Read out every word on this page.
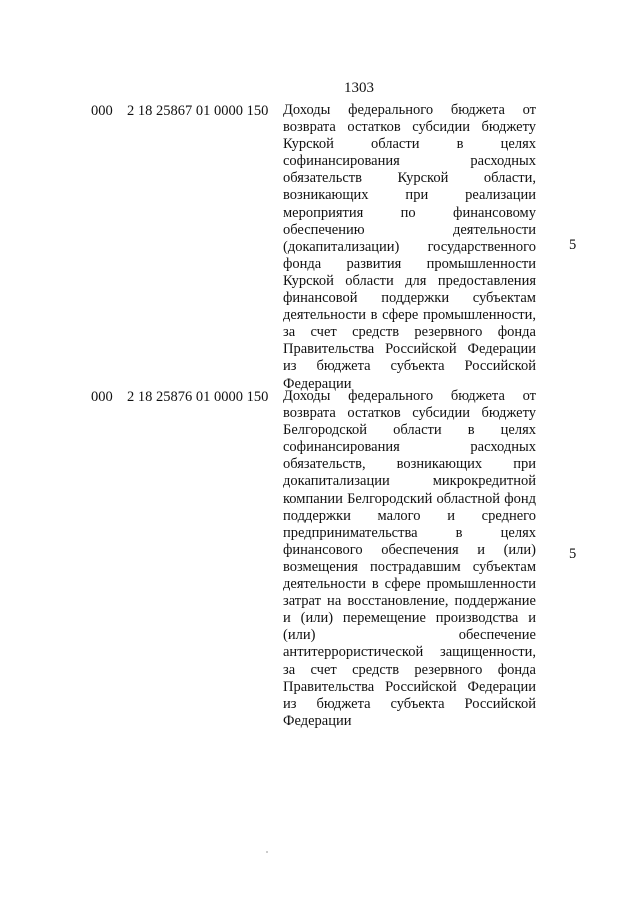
1303
000 2 18 25867 01 0000 150 Доходы федерального бюджета от
возврата остатков субсидии бюджету
Курской области в целях
софинансирования расходных
обязательств Курской области,
возникающих при реализации
мероприятия по финансовому
обеспечению деятельности
(докапитализации) государственного
фонда развития промышленности
Курской области для предоставления
финансовой поддержки субъектам
деятельности в сфере промышленности,
за счет средств резервного фонда
Правительства Российской Федерации
из бюджета субъекта Российской
Федерации
5
000 2 18 25876 01 0000 150 Доходы федерального бюджета от
возврата остатков субсидии бюджету
Белгородской области в целях
софинансирования расходных
обязательств, возникающих при
докапитализации микрокредитной
компании Белгородский областной фонд
поддержки малого и среднего
предпринимательства в целях
финансового обеспечения и (или)
возмещения пострадавшим субъектам
деятельности в сфере промышленности
затрат на восстановление, поддержание
и (или) перемещение производства и
(или) обеспечение
антитеррористической защищенности,
за счет средств резервного фонда
Правительства Российской Федерации
из бюджета субъекта Российской
Федерации
5
